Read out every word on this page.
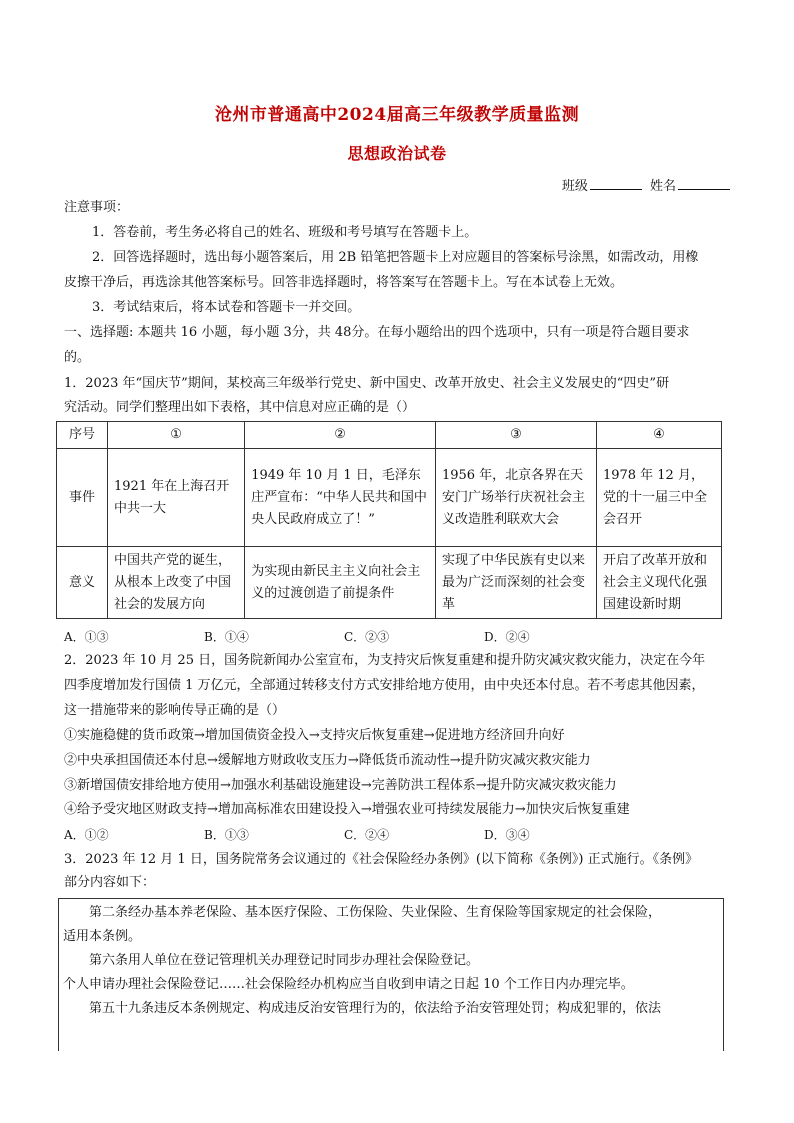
沧州市普通高中2024届高三年级教学质量监测
思想政治试卷
班级	姓名
注意事项：
1．答卷前，考生务必将自己的姓名、班级和考号填写在答题卡上。
2．回答选择题时，选出每小题答案后，用 2B 铅笔把答题卡上对应题目的答案标号涂黑，如需改动，用橡
皮擦干净后，再选涂其他答案标号。回答非选择题时，将答案写在答题卡上。写在本试卷上无效。
3．考试结束后，将本试卷和答题卡一并交回。
一、选择题: 本题共 16 小题，每小题 3分，共 48分。在每小题给出的四个选项中，只有一项是符合题目要求
的。
1．2023 年“国庆节”期间，某校高三年级举行党史、新中国史、改革开放史、社会主义发展史的“四史”研
究活动。同学们整理出如下表格，其中信息对应正确的是（）
序号	①	②	③	④
事件	1921 年在上海召开中共一大	1949 年 10 月 1 日，毛泽东庄严宣布：“中华人民共和国中央人民政府成立了！”	1956 年，北京各界在天安门广场举行庆祝社会主义改造胜利联欢大会	1978 年 12 月，党的十一届三中全会召开
意义	中国共产党的诞生，从根本上改变了中国社会的发展方向	为实现由新民主主义向社会主义的过渡创造了前提条件	实现了中华民族有史以来最为广泛而深刻的社会变革	开启了改革开放和社会主义现代化强国建设新时期
A．①③	B．①④	C．②③	D．②④
2．2023 年 10 月 25 日，国务院新闻办公室宣布，为支持灾后恢复重建和提升防灾减灾救灾能力，决定在今年
四季度增加发行国债 1 万亿元，全部通过转移支付方式安排给地方使用，由中央还本付息。若不考虑其他因素，
这一措施带来的影响传导正确的是（）
①实施稳健的货币政策→增加国债资金投入→支持灾后恢复重建→促进地方经济回升向好
②中央承担国债还本付息→缓解地方财政收支压力→降低货币流动性→提升防灾减灾救灾能力
③新增国债安排给地方使用→加强水利基础设施建设→完善防洪工程体系→提升防灾减灾救灾能力
④给予受灾地区财政支持→增加高标准农田建设投入→增强农业可持续发展能力→加快灾后恢复重建
A．①②	B．①③	C．②④	D．③④
3．2023 年 12 月 1 日，国务院常务会议通过的《社会保险经办条例》(以下简称《条例》) 正式施行。《条例》
部分内容如下：
第二条经办基本养老保险、基本医疗保险、工伤保险、失业保险、生育保险等国家规定的社会保险，
适用本条例。
第六条用人单位在登记管理机关办理登记时同步办理社会保险登记。
个人申请办理社会保险登记……社会保险经办机构应当自收到申请之日起 10 个工作日内办理完毕。
第五十九条违反本条例规定、构成违反治安管理行为的，依法给予治安管理处罚；构成犯罪的，依法
